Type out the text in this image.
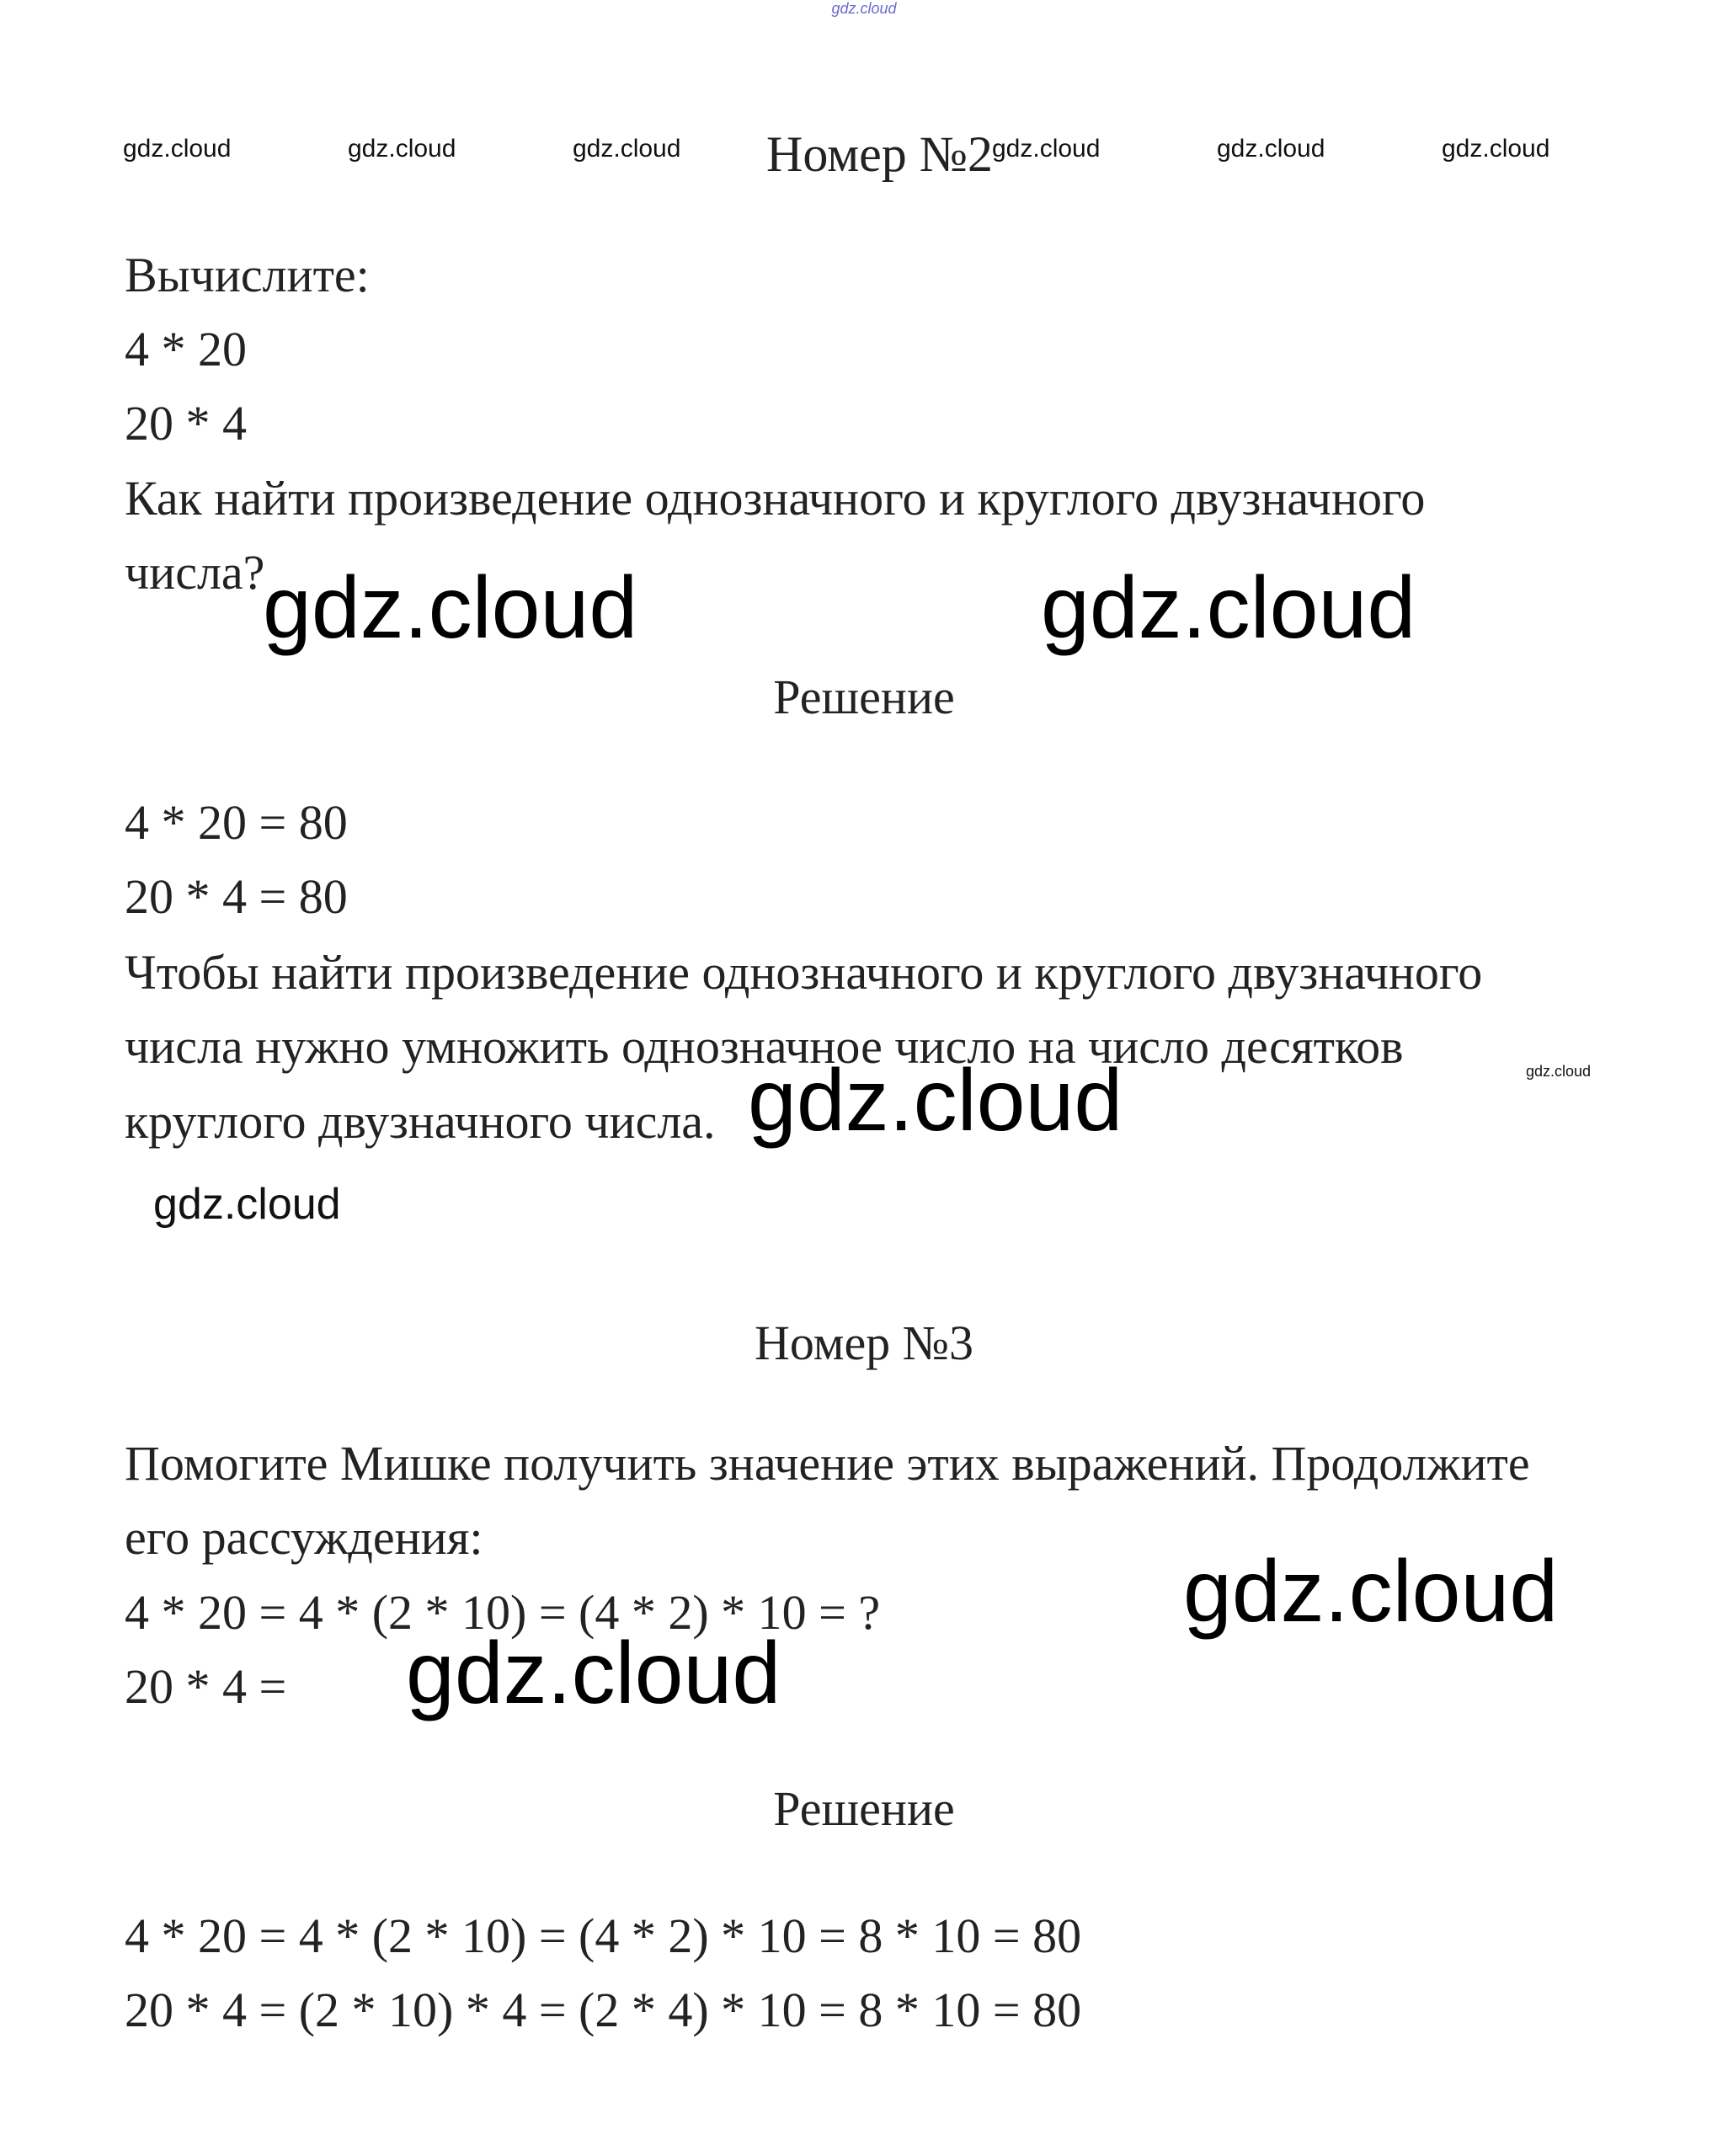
gdz.cloud
gdz.cloud	gdz.cloud	gdz.cloud	gdz.cloud	gdz.cloud	gdz.cloud
Номер №2
Вычислите:
4 * 20
20 * 4
Как найти произведение однозначного и круглого двузначного
числа?
gdz.cloud	gdz.cloud
Решение
4 * 20 = 80
20 * 4 = 80
Чтобы найти произведение однозначного и круглого двузначного
числа нужно умножить однозначное число на число десятков
круглого двузначного числа.
gdz.cloud
gdz.cloud
gdz.cloud
Номер №3
Помогите Мишке получить значение этих выражений. Продолжите
его рассуждения:
4 * 20 = 4 * (2 * 10) = (4 * 2) * 10 = ?
20 * 4 =
gdz.cloud
gdz.cloud
Решение
4 * 20 = 4 * (2 * 10) = (4 * 2) * 10 = 8 * 10 = 80
20 * 4 = (2 * 10) * 4 = (2 * 4) * 10 = 8 * 10 = 80
